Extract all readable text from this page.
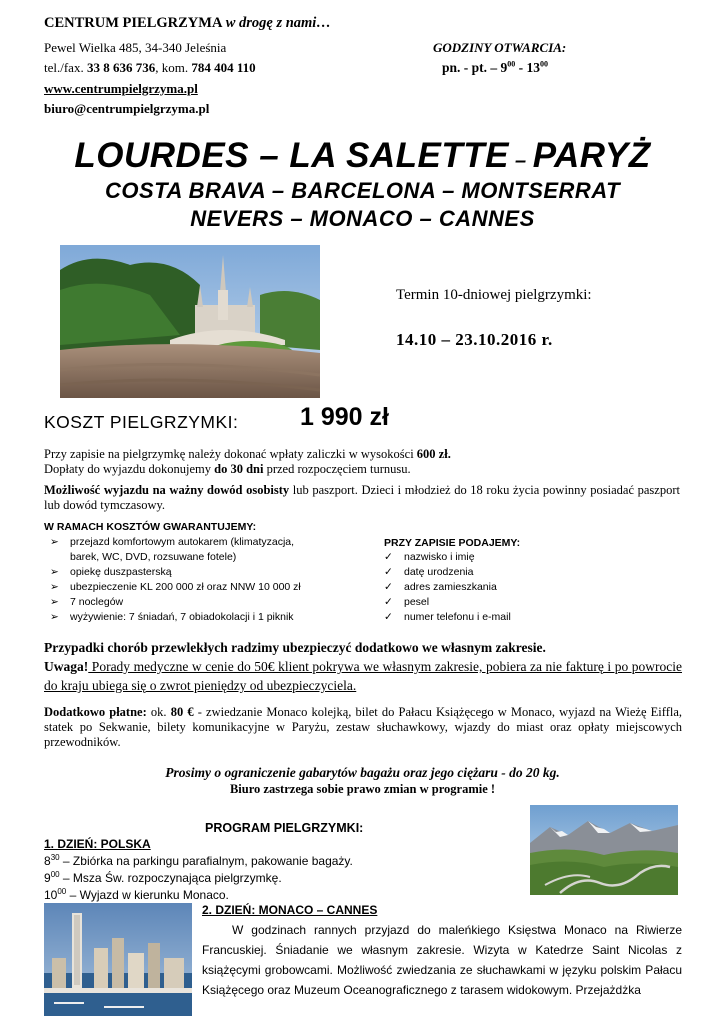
CENTRUM PIELGRZYMA w drogę z nami…
Pewel Wielka 485, 34-340 Jeleśnia
tel./fax. 33 8 636 736, kom. 784 404 110
www.centrumpielgrzyma.pl
biuro@centrumpielgrzyma.pl
GODZINY OTWARCIA:
pn. - pt. – $9^{00} - 13^{00}$
LOURDES – LA SALETTE – PARYŻ
COSTA BRAVA – BARCELONA – MONTSERRAT
NEVERS – MONACO – CANNES
Termin 10-dniowej pielgrzymki:
14.10 – 23.10.2016 r.
KOSZT PIELGRZYMKI: 1 990 zł
Przy zapisie na pielgrzymkę należy dokonać wpłaty zaliczki w wysokości 600 zł.
Dopłaty do wyjazdu dokonujemy do 30 dni przed rozpoczęciem turnusu.
Możliwość wyjazdu na ważny dowód osobisty lub paszport. Dzieci i młodzież do 18 roku życia powinny posiadać paszport lub dowód tymczasowy.
W RAMACH KOSZTÓW GWARANTUJEMY:
➢ przejazd komfortowym autokarem (klimatyzacja,
barek, WC, DVD, rozsuwane fotele)
➢ opiekę duszpasterską
➢ ubezpieczenie KL 200 000 zł oraz NNW 10 000 zł
➢ 7 noclegów
➢ wyżywienie: 7 śniadań, 7 obiadokolacji i 1 piknik
PRZY ZAPISIE PODAJEMY:
✓ nazwisko i imię
✓ datę urodzenia
✓ adres zamieszkania
✓ pesel
✓ numer telefonu i e-mail
Przypadki chorób przewlekłych radzimy ubezpieczyć dodatkowo we własnym zakresie.
Uwaga! Porady medyczne w cenie do 50€ klient pokrywa we własnym zakresie, pobiera za nie fakturę i po powrocie do kraju ubiega się o zwrot pieniędzy od ubezpieczyciela.
Dodatkowo płatne: ok. 80 € - zwiedzanie Monaco kolejką, bilet do Pałacu Książęcego w Monaco, wyjazd na Wieżę Eiffla, statek po Sekwanie, bilety komunikacyjne w Paryżu, zestaw słuchawkowy, wjazdy do miast oraz opłaty miejscowych przewodników.
Prosimy o ograniczenie gabarytów bagażu oraz jego ciężaru - do 20 kg.
Biuro zastrzega sobie prawo zmian w programie !
PROGRAM PIELGRZYMKI:
1. DZIEŃ: POLSKA
$8^{30}$ – Zbiórka na parkingu parafialnym, pakowanie bagaży.
$9^{00}$ – Msza Św. rozpoczynająca pielgrzymkę.
$10^{00}$ – Wyjazd w kierunku Monaco.
2. DZIEŃ: MONACO – CANNES
W godzinach rannych przyjazd do maleńkiego Księstwa Monaco na Riwierze Francuskiej. Śniadanie we własnym zakresie. Wizyta w Katedrze Saint Nicolas z książęcymi grobowcami. Możliwość zwiedzania ze słuchawkami w języku polskim Pałacu Książęcego oraz Muzeum Oceanograficznego z tarasem widokowym. Przejażdżka
